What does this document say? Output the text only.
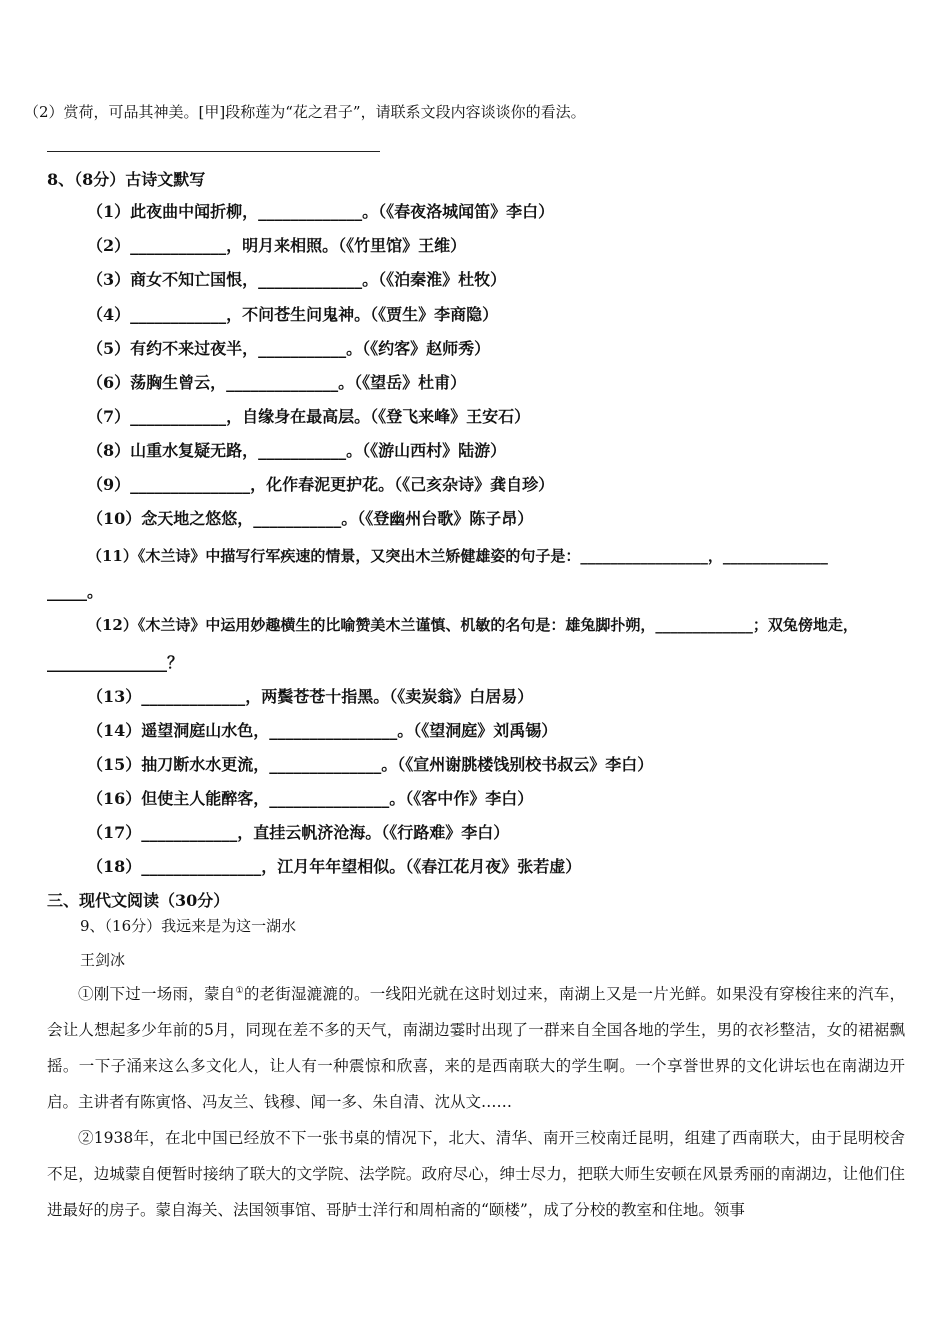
（2）赏荷，可品其神美。[甲]段称莲为“花之君子”，请联系文段内容谈谈你的看法。
8、（8分）古诗文默写
（1）此夜曲中闻折柳，_____________。（《春夜洛城闻笛》李白）
（2）____________，明月来相照。（《竹里馆》王维）
（3）商女不知亡国恨，_____________。（《泊秦淮》杜牧）
（4）____________，不问苍生问鬼神。（《贾生》李商隐）
（5）有约不来过夜半，___________。（《约客》赵师秀）
（6）荡胸生曾云，______________。（《望岳》杜甫）
（7）____________，自缘身在最高层。（《登飞来峰》王安石）
（8）山重水复疑无路，___________。（《游山西村》陆游）
（9）_______________，化作春泥更护花。（《己亥杂诗》龚自珍）
（10）念天地之悠悠，___________。（《登幽州台歌》陈子昂）
（11）《木兰诗》中描写行军疾速的情景，又突出木兰矫健雄姿的句子是：_________________，______________
_____。
（12）《木兰诗》中运用妙趣横生的比喻赞美木兰谨慎、机敏的名句是：雄兔脚扑朔，_____________；双兔傍地走，
_______________？
（13）_____________，两鬓苍苍十指黑。（《卖炭翁》白居易）
（14）遥望洞庭山水色，________________。（《望洞庭》刘禹锡）
（15）抽刀断水水更流，______________。（《宣州谢朓楼饯别校书叔云》李白）
（16）但使主人能醉客，_______________。（《客中作》李白）
（17）____________，直挂云帆济沧海。（《行路难》李白）
（18）_______________，江月年年望相似。（《春江花月夜》张若虚）
三、现代文阅读（30分）
9、（16分）我远来是为这一湖水
王剑冰
①刚下过一场雨，蒙自①的老街湿漉漉的。一线阳光就在这时划过来，南湖上又是一片光鲜。如果没有穿梭往来的汽车，会让人想起多少年前的5月，同现在差不多的天气，南湖边霎时出现了一群来自全国各地的学生，男的衣衫整洁，女的裙裾飘摇。一下子涌来这么多文化人，让人有一种震惊和欣喜，来的是西南联大的学生啊。一个享誉世界的文化讲坛也在南湖边开启。主讲者有陈寅恪、冯友兰、钱穆、闻一多、朱自清、沈从文……
②1938年，在北中国已经放不下一张书桌的情况下，北大、清华、南开三校南迁昆明，组建了西南联大，由于昆明校舍不足，边城蒙自便暂时接纳了联大的文学院、法学院。政府尽心，绅士尽力，把联大师生安顿在风景秀丽的南湖边，让他们住进最好的房子。蒙自海关、法国领事馆、哥胪士洋行和周柏斋的“颐楼”，成了分校的教室和住地。领事
